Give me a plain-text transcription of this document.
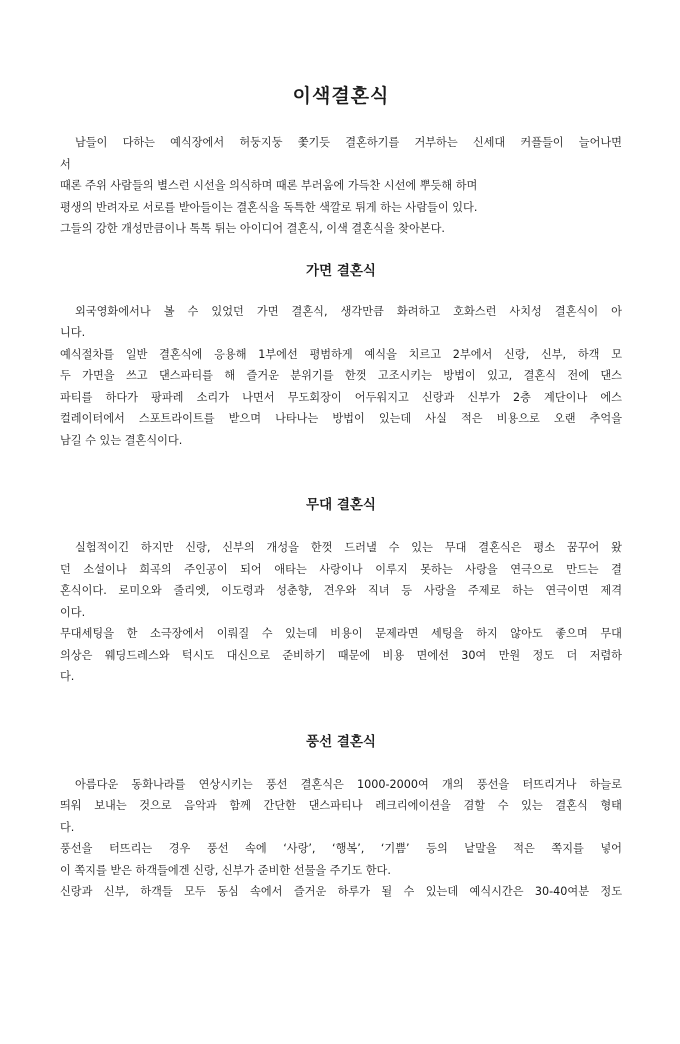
이색결혼식
남들이 다하는 예식장에서 허둥지둥 쫓기듯 결혼하기를 거부하는 신세대 커플들이 늘어나면
서
때론 주위 사람들의 별스런 시선을 의식하며 때론 부러움에 가득찬 시선에 뿌듯해 하며
평생의 반려자로 서로를 받아들이는 결혼식을 독특한 색깔로 튀게 하는 사람들이 있다.
그들의 강한 개성만큼이나 톡톡 튀는 아이디어 결혼식, 이색 결혼식을 찾아본다.
가면 결혼식
외국영화에서나 볼 수 있었던 가면 결혼식, 생각만큼 화려하고 호화스런 사치성 결혼식이 아
니다.
예식절차를 일반 결혼식에 응용해 1부에선 평범하게 예식을 치르고 2부에서 신랑, 신부, 하객 모
두 가면을 쓰고 댄스파티를 해 즐거운 분위기를 한껏 고조시키는 방법이 있고, 결혼식 전에 댄스
파티를 하다가 팡파레 소리가 나면서 무도회장이 어두워지고 신랑과 신부가 2층 계단이나 에스
컬레이터에서 스포트라이트를 받으며 나타나는 방법이 있는데 사실 적은 비용으로 오랜 추억을
남길 수 있는 결혼식이다.
무대 결혼식
실험적이긴 하지만 신랑, 신부의 개성을 한껏 드러낼 수 있는 무대 결혼식은 평소 꿈꾸어 왔
던 소설이나 희곡의 주인공이 되어 애타는 사랑이나 이루지 못하는 사랑을 연극으로 만드는 결
혼식이다. 로미오와 줄리엣, 이도령과 성춘향, 견우와 직녀 등 사랑을 주제로 하는 연극이면 제격
이다.
무대세팅을 한 소극장에서 이뤄질 수 있는데 비용이 문제라면 세팅을 하지 않아도 좋으며 무대
의상은 웨딩드레스와 턱시도 대신으로 준비하기 때문에 비용 면에선 30여 만원 정도 더 저렴하
다.
풍선 결혼식
아름다운 동화나라를 연상시키는 풍선 결혼식은 1000-2000여 개의 풍선을 터뜨리거나 하늘로
띄워 보내는 것으로 음악과 함께 간단한 댄스파티나 레크리에이션을 겸할 수 있는 결혼식 형태
다.
풍선을 터뜨리는 경우 풍선 속에 ‘사랑’, ‘행복’, ‘기쁨’ 등의 낱말을 적은 쪽지를 넣어
이 쪽지를 받은 하객들에겐 신랑, 신부가 준비한 선물을 주기도 한다.
신랑과 신부, 하객들 모두 동심 속에서 즐거운 하루가 될 수 있는데 예식시간은 30-40여분 정도
